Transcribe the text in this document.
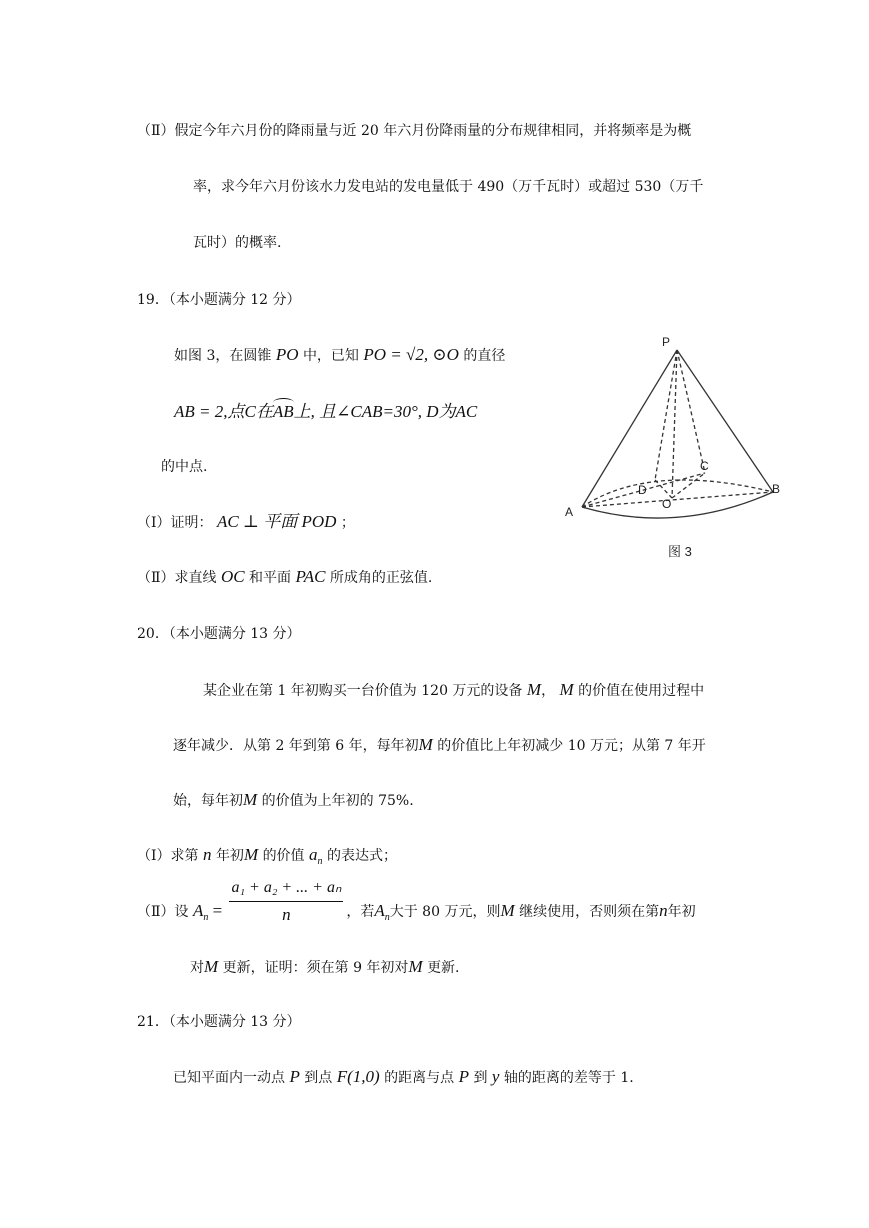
（Ⅱ）假定今年六月份的降雨量与近 20 年六月份降雨量的分布规律相同，并将频率是为概
率，求今年六月份该水力发电站的发电量低于 490（万千瓦时）或超过 530（万千
瓦时）的概率.
19．（本小题满分 12 分）
如图 3，在圆锥 PO 中，已知 PO = √2, ⊙O 的直径
AB = 2,点C在AB上, 且∠CAB=30°, D为AC
的中点.
（Ⅰ）证明： AC ⊥ 平面 POD ；
（Ⅱ）求直线 OC 和平面 PAC 所成角的正弦值.
P
A
B
C
D
O
图 3
20．（本小题满分 13 分）
某企业在第 1 年初购买一台价值为 120 万元的设备 M， M 的价值在使用过程中
逐年减少．从第 2 年到第 6 年，每年初M 的价值比上年初减少 10 万元；从第 7 年开
始，每年初M 的价值为上年初的 75%.
（Ⅰ）求第 n 年初M 的价值 $a_n$ 的表达式；
（Ⅱ）设 $A_n = \frac{\text{a₁ + a₂ + ... + aₙ}}{n}$ ，若$A_n$大于 80 万元，则M 继续使用，否则须在第n年初
对M 更新，证明：须在第 9 年初对M 更新.
21．（本小题满分 13 分）
已知平面内一动点 P 到点 F(1,0) 的距离与点 P 到 y 轴的距离的差等于 1.
